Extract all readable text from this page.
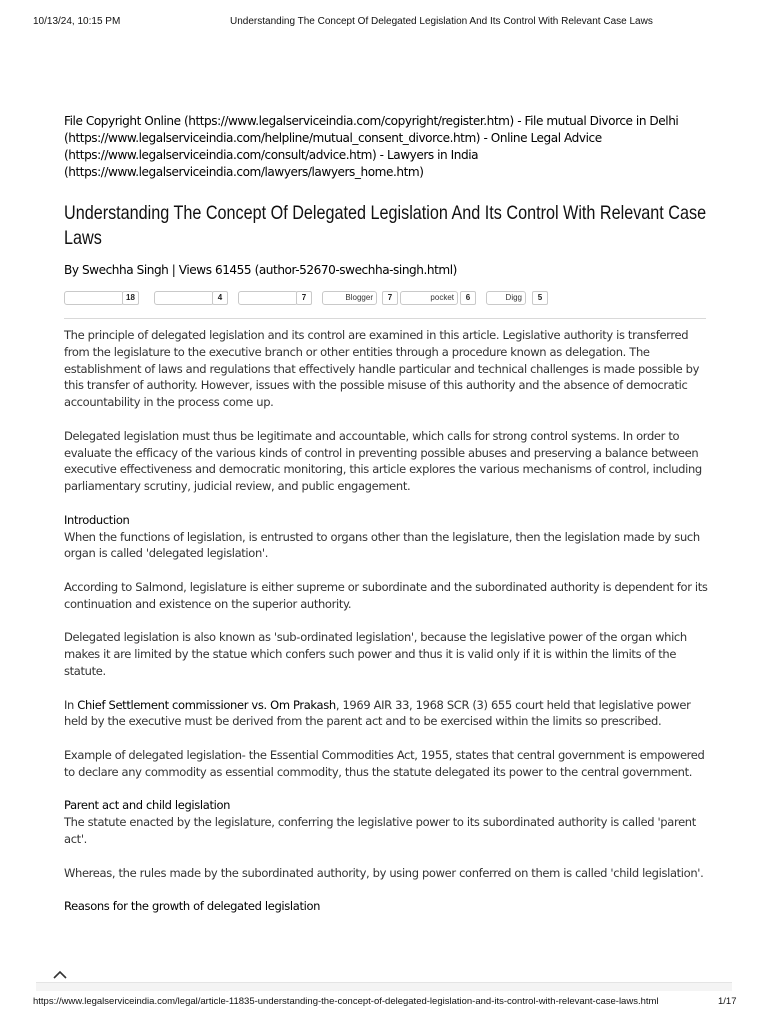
10/13/24, 10:15 PM	Understanding The Concept Of Delegated Legislation And Its Control With Relevant Case Laws
File Copyright Online (https://www.legalserviceindia.com/copyright/register.htm) - File mutual Divorce in Delhi (https://www.legalserviceindia.com/helpline/mutual_consent_divorce.htm) - Online Legal Advice (https://www.legalserviceindia.com/consult/advice.htm) - Lawyers in India (https://www.legalserviceindia.com/lawyers/lawyers_home.htm)
Understanding The Concept Of Delegated Legislation And Its Control With Relevant Case Laws
By Swechha Singh | Views 61455 (author-52670-swechha-singh.html)
18	4	7	Blogger	7	pocket	6	Digg	5

The principle of delegated legislation and its control are examined in this article. Legislative authority is transferred from the legislature to the executive branch or other entities through a procedure known as delegation. The establishment of laws and regulations that effectively handle particular and technical challenges is made possible by this transfer of authority. However, issues with the possible misuse of this authority and the absence of democratic accountability in the process come up.

Delegated legislation must thus be legitimate and accountable, which calls for strong control systems. In order to evaluate the efficacy of the various kinds of control in preventing possible abuses and preserving a balance between executive effectiveness and democratic monitoring, this article explores the various mechanisms of control, including parliamentary scrutiny, judicial review, and public engagement.

Introduction
When the functions of legislation, is entrusted to organs other than the legislature, then the legislation made by such organ is called 'delegated legislation'.

According to Salmond, legislature is either supreme or subordinate and the subordinated authority is dependent for its continuation and existence on the superior authority.

Delegated legislation is also known as 'sub-ordinated legislation', because the legislative power of the organ which makes it are limited by the statue which confers such power and thus it is valid only if it is within the limits of the statute.

In Chief Settlement commissioner vs. Om Prakash, 1969 AIR 33, 1968 SCR (3) 655 court held that legislative power held by the executive must be derived from the parent act and to be exercised within the limits so prescribed.

Example of delegated legislation- the Essential Commodities Act, 1955, states that central government is empowered to declare any commodity as essential commodity, thus the statute delegated its power to the central government.

Parent act and child legislation
The statute enacted by the legislature, conferring the legislative power to its subordinated authority is called 'parent act'.

Whereas, the rules made by the subordinated authority, by using power conferred on them is called 'child legislation'.

Reasons for the growth of delegated legislation

https://www.legalserviceindia.com/legal/article-11835-understanding-the-concept-of-delegated-legislation-and-its-control-with-relevant-case-laws.html	1/17
